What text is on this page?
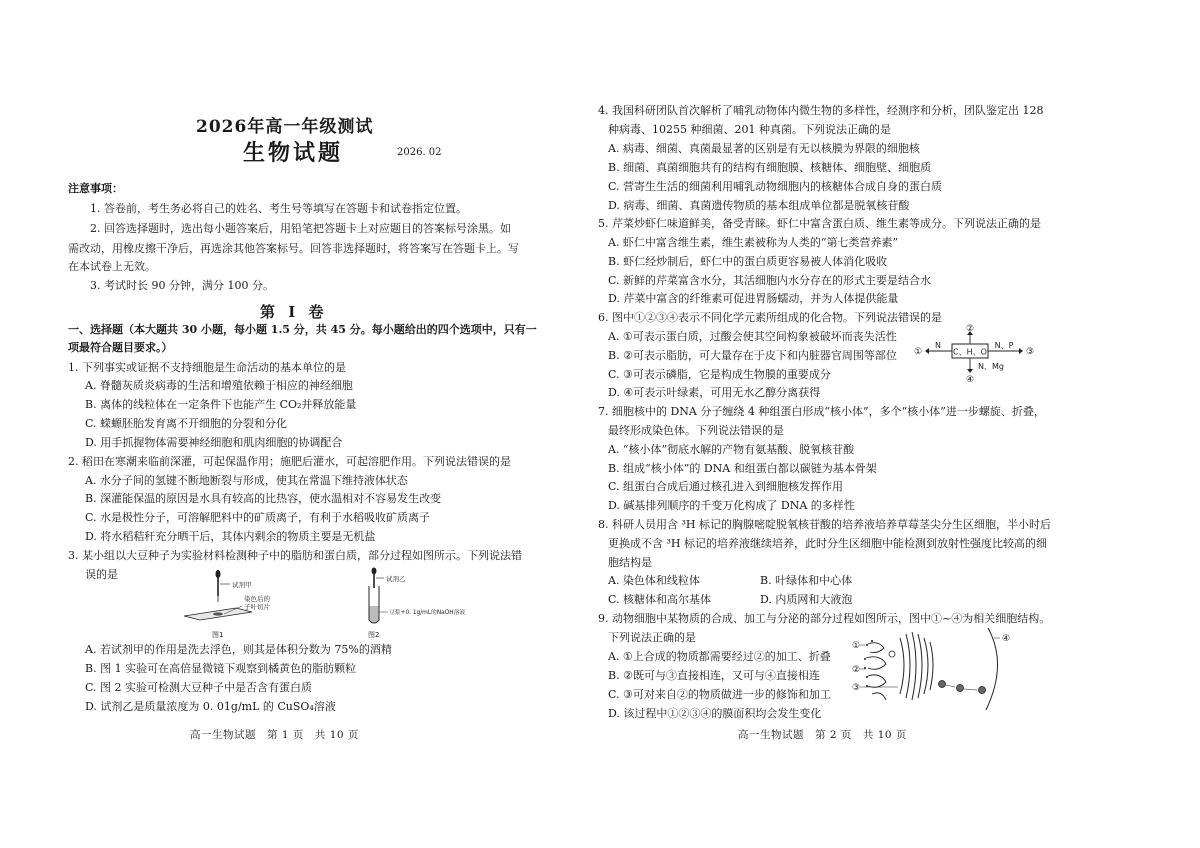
2026年高一年级测试
生物试题	2026. 02
注意事项：
1. 答卷前，考生务必将自己的姓名、考生号等填写在答题卡和试卷指定位置。
2. 回答选择题时，选出每小题答案后，用铅笔把答题卡上对应题目的答案标号涂黑。如
需改动，用橡皮擦干净后，再选涂其他答案标号。回答非选择题时，将答案写在答题卡上。写
在本试卷上无效。
3. 考试时长 90 分钟，满分 100 分。
第 Ⅰ 卷
一、选择题（本大题共 30 小题，每小题 1.5 分，共 45 分。每小题给出的四个选项中，只有一
项最符合题目要求。）
1. 下列事实或证据不支持细胞是生命活动的基本单位的是
A. 脊髓灰质炎病毒的生活和增殖依赖于相应的神经细胞
B. 离体的线粒体在一定条件下也能产生 CO₂并释放能量
C. 蝾螈胚胎发育离不开细胞的分裂和分化
D. 用手抓握物体需要神经细胞和肌肉细胞的协调配合
2. 稻田在寒潮来临前深灌，可起保温作用；施肥后灌水，可起溶肥作用。下列说法错误的是
A. 水分子间的氢键不断地断裂与形成，使其在常温下维持液体状态
B. 深灌能保温的原因是水具有较高的比热容，使水温相对不容易发生改变
C. 水是极性分子，可溶解肥料中的矿质离子，有利于水稻吸收矿质离子
D. 将水稻秸秆充分晒干后，其体内剩余的物质主要是无机盐
3. 某小组以大豆种子为实验材料检测种子中的脂肪和蛋白质，部分过程如图所示。下列说法错
误的是
试剂甲
染色后的
子叶切片
图1
试剂乙
豆浆+0. 1g/mL的NaOH溶液
图2
A. 若试剂甲的作用是洗去浮色，则其是体积分数为 75%的酒精
B. 图 1 实验可在高倍显微镜下观察到橘黄色的脂肪颗粒
C. 图 2 实验可检测大豆种子中是否含有蛋白质
D. 试剂乙是质量浓度为 0. 01g/mL 的 CuSO₄溶液
高一生物试题　第 1 页　共 10 页
4. 我国科研团队首次解析了哺乳动物体内微生物的多样性，经测序和分析，团队鉴定出 128
种病毒、10255 种细菌、201 种真菌。下列说法正确的是
A. 病毒、细菌、真菌最显著的区别是有无以核膜为界限的细胞核
B. 细菌、真菌细胞共有的结构有细胞膜、核糖体、细胞壁、细胞质
C. 营寄生生活的细菌利用哺乳动物细胞内的核糖体合成自身的蛋白质
D. 病毒、细菌、真菌遗传物质的基本组成单位都是脱氧核苷酸
5. 芹菜炒虾仁味道鲜美，备受青睐。虾仁中富含蛋白质、维生素等成分。下列说法正确的是
A. 虾仁中富含维生素，维生素被称为人类的“第七类营养素”
B. 虾仁经炒制后，虾仁中的蛋白质更容易被人体消化吸收
C. 新鲜的芹菜富含水分，其活细胞内水分存在的形式主要是结合水
D. 芹菜中富含的纤维素可促进胃肠蠕动，并为人体提供能量
6. 图中①②③④表示不同化学元素所组成的化合物。下列说法错误的是
A. ①可表示蛋白质，过酸会使其空间构象被破坏而丧失活性
B. ②可表示脂肪，可大量存在于皮下和内脏器官周围等部位
C. ③可表示磷脂，它是构成生物膜的重要成分
D. ④可表示叶绿素，可用无水乙醇分离获得
C、H、O
②
①
N
③
N、P
④
N、Mg
7. 细胞核中的 DNA 分子缠绕 4 种组蛋白形成“核小体”，多个“核小体”进一步螺旋、折叠，
最终形成染色体。下列说法错误的是
A. “核小体”彻底水解的产物有氨基酸、脱氧核苷酸
B. 组成“核小体”的 DNA 和组蛋白都以碳链为基本骨架
C. 组蛋白合成后通过核孔进入到细胞核发挥作用
D. 碱基排列顺序的千变万化构成了 DNA 的多样性
8. 科研人员用含 ³H 标记的胸腺嘧啶脱氧核苷酸的培养液培养草莓茎尖分生区细胞，半小时后
更换成不含 ³H 标记的培养液继续培养，此时分生区细胞中能检测到放射性强度比较高的细
胞结构是
A. 染色体和线粒体	B. 叶绿体和中心体
C. 核糖体和高尔基体	D. 内质网和大液泡
9. 动物细胞中某物质的合成、加工与分泌的部分过程如图所示，图中①~④为相关细胞结构。
下列说法正确的是
A. ①上合成的物质都需要经过②的加工、折叠
B. ②既可与③直接相连，又可与④直接相连
C. ③可对来自②的物质做进一步的修饰和加工
D. 该过程中①②③④的膜面积均会发生变化
④
①
②
③
高一生物试题　第 2 页　共 10 页
